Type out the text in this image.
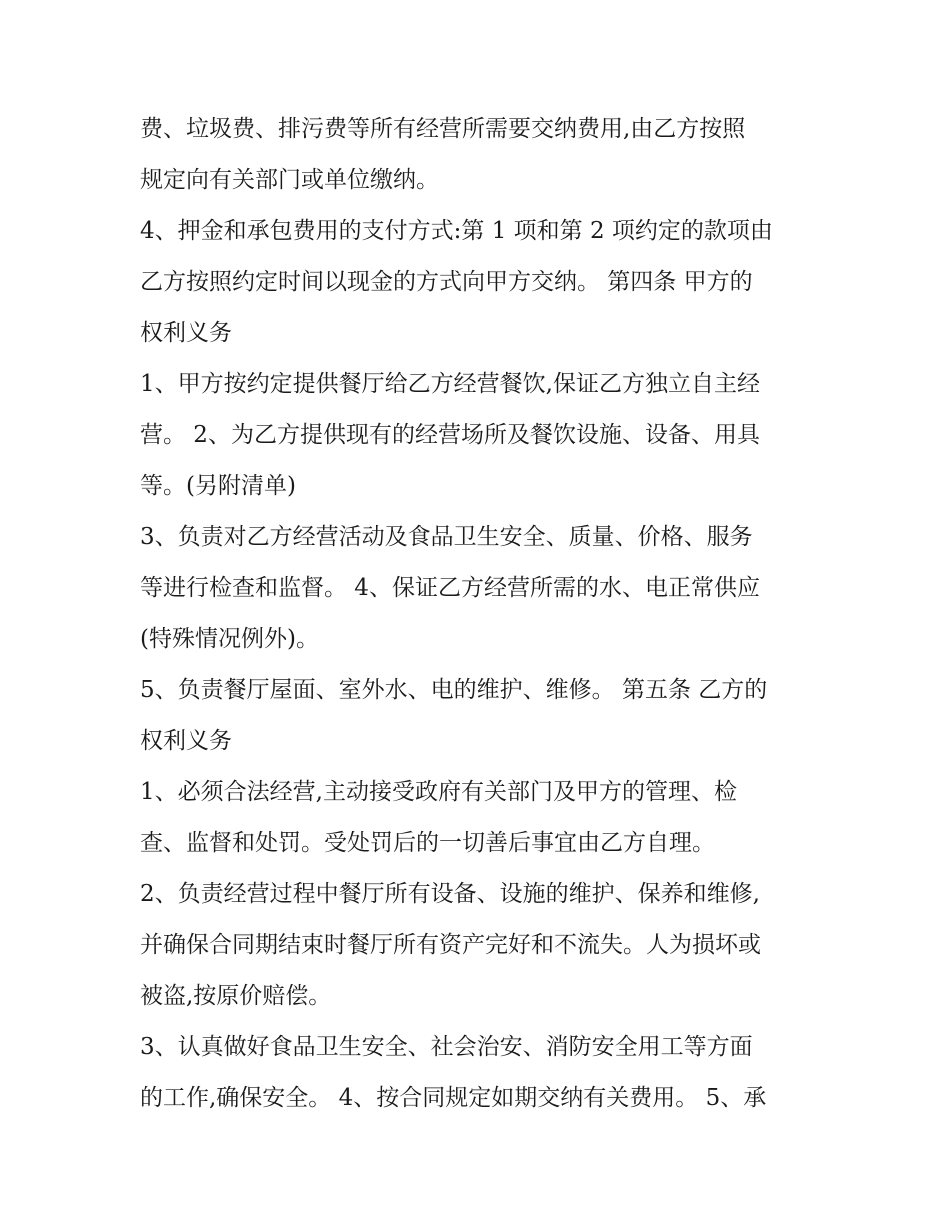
费、垃圾费、排污费等所有经营所需要交纳费用,由乙方按照
规定向有关部门或单位缴纳。
4、押金和承包费用的支付方式:第 1 项和第 2 项约定的款项由
乙方按照约定时间以现金的方式向甲方交纳。 第四条 甲方的
权利义务
1、甲方按约定提供餐厅给乙方经营餐饮,保证乙方独立自主经
营。 2、为乙方提供现有的经营场所及餐饮设施、设备、用具
等。(另附清单)
3、负责对乙方经营活动及食品卫生安全、质量、价格、服务
等进行检查和监督。 4、保证乙方经营所需的水、电正常供应
(特殊情况例外)。
5、负责餐厅屋面、室外水、电的维护、维修。 第五条 乙方的
权利义务
1、必须合法经营,主动接受政府有关部门及甲方的管理、检
查、监督和处罚。受处罚后的一切善后事宜由乙方自理。
2、负责经营过程中餐厅所有设备、设施的维护、保养和维修,
并确保合同期结束时餐厅所有资产完好和不流失。人为损坏或
被盗,按原价赔偿。
3、认真做好食品卫生安全、社会治安、消防安全用工等方面
的工作,确保安全。 4、按合同规定如期交纳有关费用。 5、承
